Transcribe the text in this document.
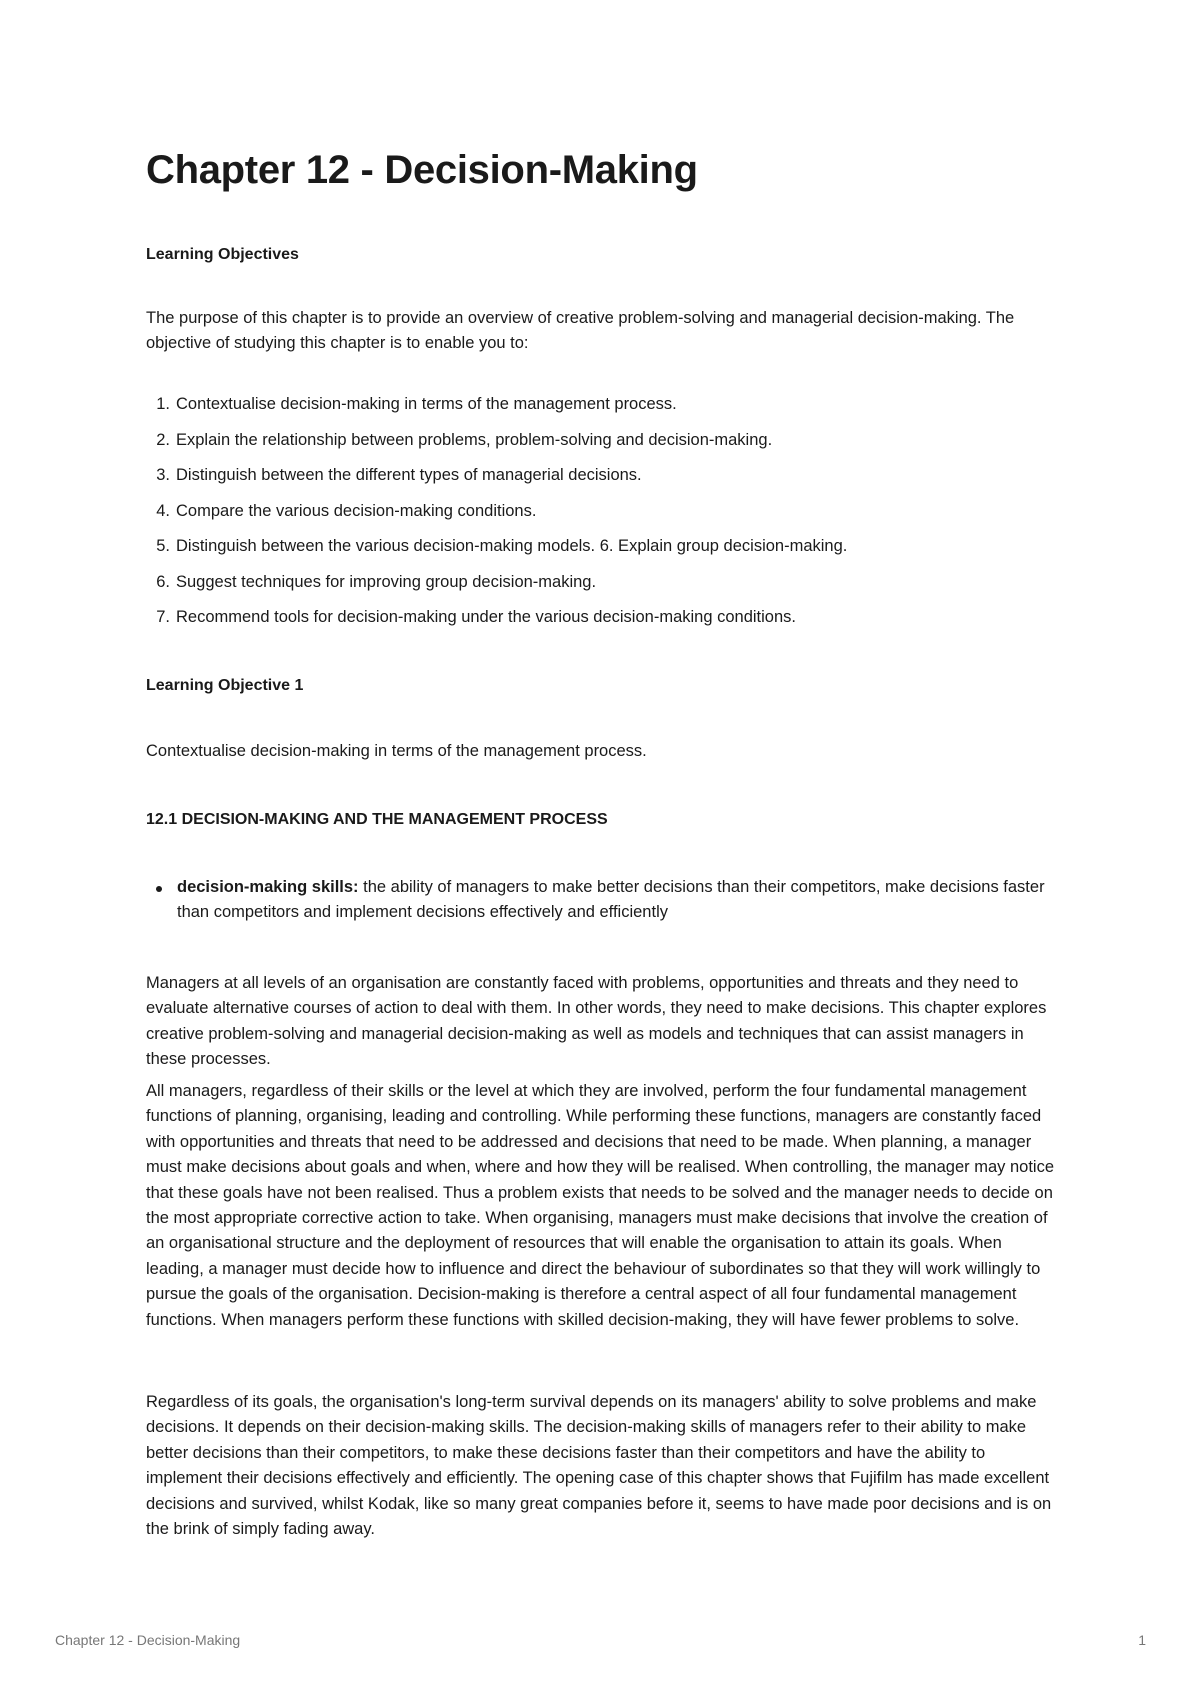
Chapter 12 - Decision-Making

Learning Objectives

The purpose of this chapter is to provide an overview of creative problem-solving and managerial decision-making. The objective of studying this chapter is to enable you to:

1. Contextualise decision-making in terms of the management process.
2. Explain the relationship between problems, problem-solving and decision-making.
3. Distinguish between the different types of managerial decisions.
4. Compare the various decision-making conditions.
5. Distinguish between the various decision-making models. 6. Explain group decision-making.
6. Suggest techniques for improving group decision-making.
7. Recommend tools for decision-making under the various decision-making conditions.

Learning Objective 1

Contextualise decision-making in terms of the management process.

12.1 DECISION-MAKING AND THE MANAGEMENT PROCESS

decision-making skills: the ability of managers to make better decisions than their competitors, make decisions faster than competitors and implement decisions effectively and efficiently

Managers at all levels of an organisation are constantly faced with problems, opportunities and threats and they need to evaluate alternative courses of action to deal with them. In other words, they need to make decisions. This chapter explores creative problem-solving and managerial decision-making as well as models and techniques that can assist managers in these processes.

All managers, regardless of their skills or the level at which they are involved, perform the four fundamental management functions of planning, organising, leading and controlling. While performing these functions, managers are constantly faced with opportunities and threats that need to be addressed and decisions that need to be made. When planning, a manager must make decisions about goals and when, where and how they will be realised. When controlling, the manager may notice that these goals have not been realised. Thus a problem exists that needs to be solved and the manager needs to decide on the most appropriate corrective action to take. When organising, managers must make decisions that involve the creation of an organisational structure and the deployment of resources that will enable the organisation to attain its goals. When leading, a manager must decide how to influence and direct the behaviour of subordinates so that they will work willingly to pursue the goals of the organisation. Decision-making is therefore a central aspect of all four fundamental management functions. When managers perform these functions with skilled decision-making, they will have fewer problems to solve.

Regardless of its goals, the organisation's long-term survival depends on its managers' ability to solve problems and make decisions. It depends on their decision-making skills. The decision-making skills of managers refer to their ability to make better decisions than their competitors, to make these decisions faster than their competitors and have the ability to implement their decisions effectively and efficiently. The opening case of this chapter shows that Fujifilm has made excellent decisions and survived, whilst Kodak, like so many great companies before it, seems to have made poor decisions and is on the brink of simply fading away.

Chapter 12 - Decision-Making	1
